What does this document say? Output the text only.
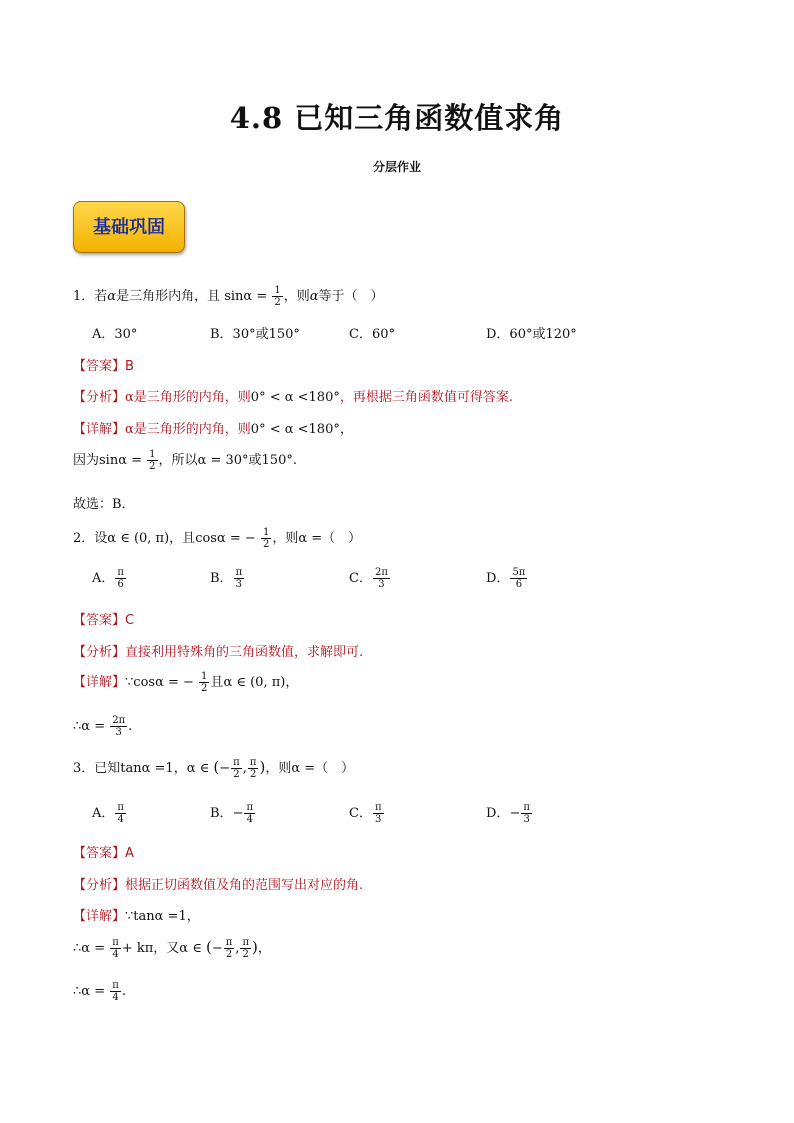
4.8 已知三角函数值求角
分层作业
基础巩固
1．若α是三角形内角，且 $\sin\alpha = \frac{1}{2}$ ，则α等于（　）
A．30°	B．30°或150°	C．60°	D．60°或120°
【答案】B
【分析】α是三角形的内角，则0° < α <180°，再根据三角函数值可得答案.
【详解】α是三角形的内角，则0° < α <180°，
因为$\sin\alpha = \frac{1}{2}$ ，所以α = 30°或150°.
故选：B．
2．设α ∈ (0, π)，且cosα = − $\frac{1}{2}$ ，则α =（　）
A． $\frac{\pi}{6}$	B． $\frac{\pi}{3}$	C． $\frac{2\pi}{3}$	D． $\frac{5\pi}{6}$
【答案】C
【分析】直接利用特殊角的三角函数值，求解即可.
【详解】∵cosα = − $\frac{1}{2}$ 且α ∈ (0, π)，
∴α = $\frac{2\pi}{3}$ .
3．已知tanα =1，α ∈ (− $\frac{\pi}{2}$ , $\frac{\pi}{2}$ )，则α =（　）
A． $\frac{\pi}{4}$	B．− $\frac{\pi}{4}$	C． $\frac{\pi}{3}$	D．− $\frac{\pi}{3}$
【答案】A
【分析】根据正切函数值及角的范围写出对应的角.
【详解】∵tanα =1，
∴α = $\frac{\pi}{4} + k\pi$，又α ∈ (− $\frac{\pi}{2}$ , $\frac{\pi}{2}$ )，
∴α = $\frac{\pi}{4}$ .
